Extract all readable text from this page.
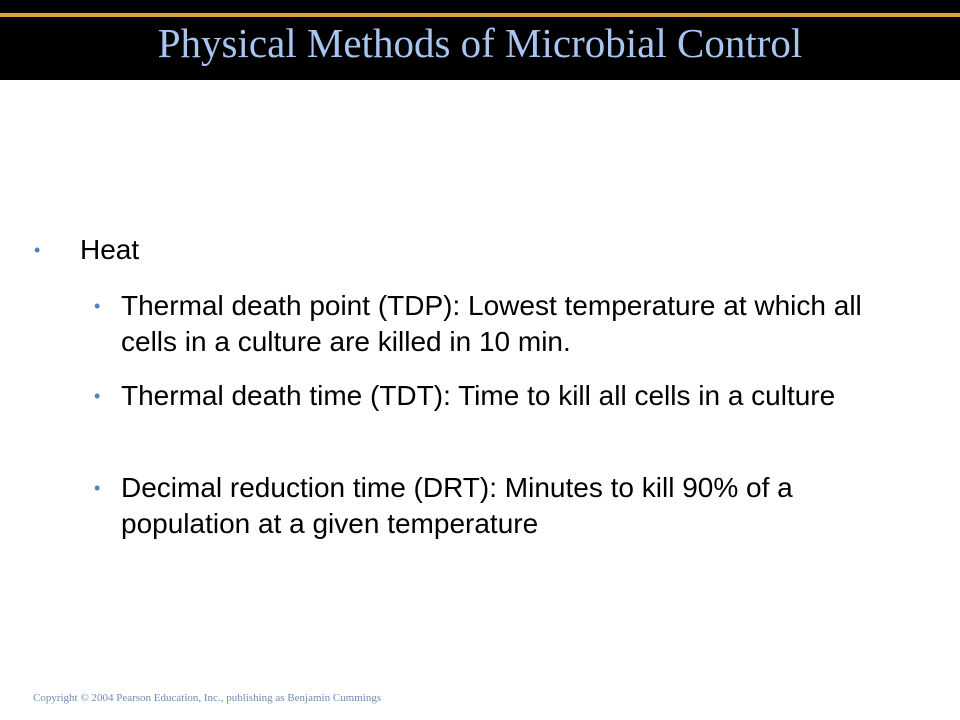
Physical Methods of Microbial Control
• Heat
• Thermal death point (TDP): Lowest temperature at which all cells in a culture are killed in 10 min.
• Thermal death time (TDT): Time to kill all cells in a culture
• Decimal reduction time (DRT): Minutes to kill 90% of a population at a given temperature
Copyright © 2004 Pearson Education, Inc., publishing as Benjamin Cummings
